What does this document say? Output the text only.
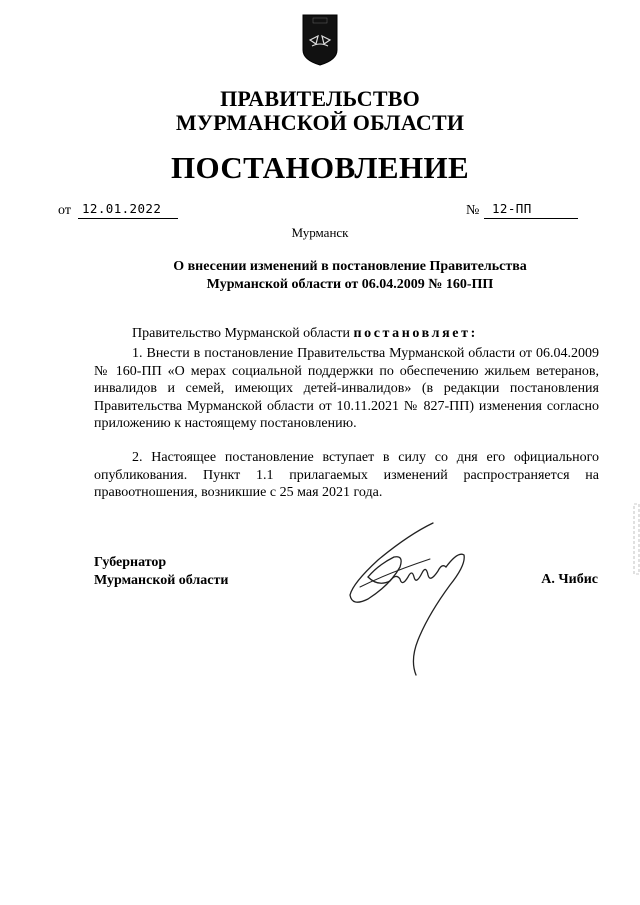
ПРАВИТЕЛЬСТВО
МУРМАНСКОЙ ОБЛАСТИ
ПОСТАНОВЛЕНИЕ
от 12.01.2022	№	12-ПП
Мурманск
О внесении изменений в постановление Правительства
Мурманской области от 06.04.2009 № 160-ПП
Правительство Мурманской области постановляет:
1. Внести в постановление Правительства Мурманской области от 06.04.2009 № 160-ПП «О мерах социальной поддержки по обеспечению жильем ветеранов, инвалидов и семей, имеющих детей-инвалидов» (в редакции постановления Правительства Мурманской области от 10.11.2021 № 827-ПП) изменения согласно приложению к настоящему постановлению.
2. Настоящее постановление вступает в силу со дня его официального опубликования. Пункт 1.1 прилагаемых изменений распространяется на правоотношения, возникшие с 25 мая 2021 года.
Губернатор
Мурманской области	А. Чибис
